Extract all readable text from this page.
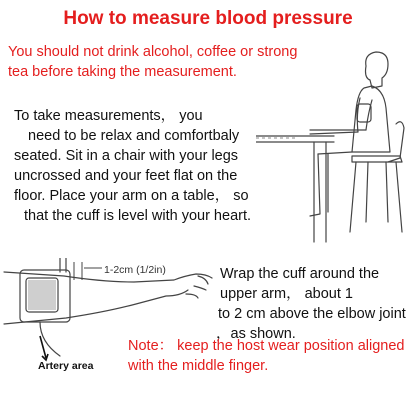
How to measure blood pressure
You should not drink alcohol, coffee or strong
tea before taking the measurement.
To take measurements， you
need to be relax and comfortbaly
seated. Sit in a chair with your legs
uncrossed and your feet flat on the
floor. Place your arm on a table， so
that the cuff is level with your heart.
1-2cm (1/2in)
Artery area
Wrap the cuff around the
upper arm， about 1
to 2 cm above the elbow joint
，as shown.
Note： keep the host wear position aligned
with the middle finger.
